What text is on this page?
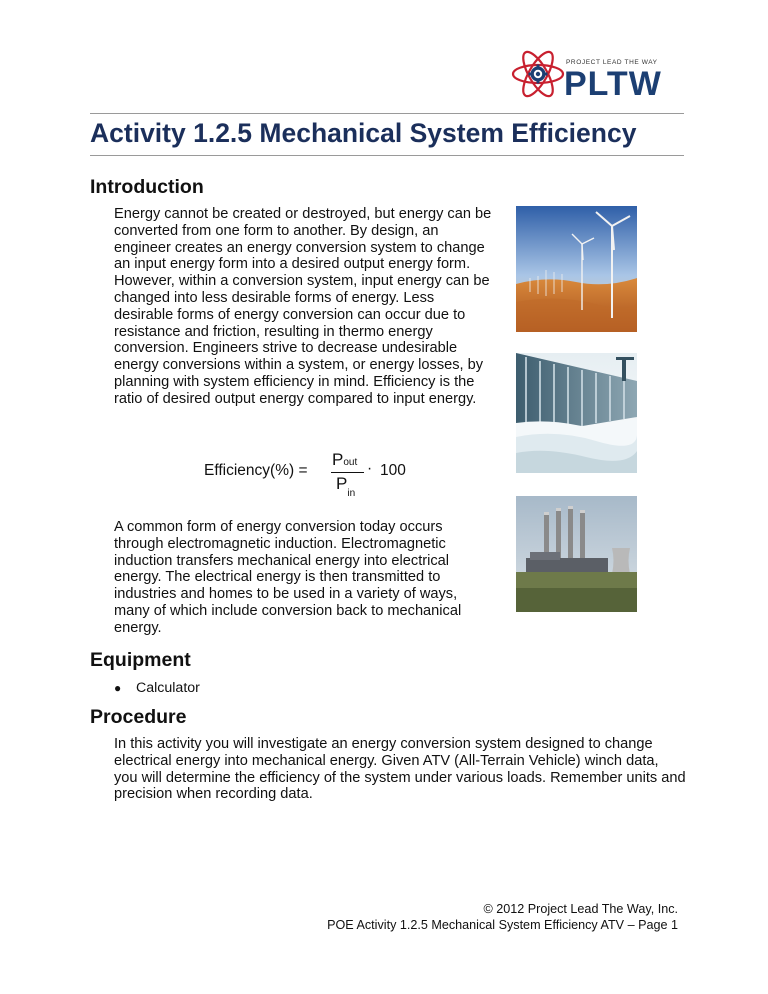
PROJECT LEAD THE WAY
PLTW
Activity 1.2.5 Mechanical System Efficiency
Introduction

Energy cannot be created or destroyed, but energy can be converted from one form to another. By design, an engineer creates an energy conversion system to change an input energy form into a desired output energy form. However, within a conversion system, input energy can be changed into less desirable forms of energy. Less desirable forms of energy conversion can occur due to resistance and friction, resulting in thermo energy conversion. Engineers strive to decrease undesirable energy conversions within a system, or energy losses, by planning with system efficiency in mind. Efficiency is the ratio of desired output energy compared to input energy.

Efficiency(%) =
Pout
$P_{in}$
· 100

A common form of energy conversion today occurs through electromagnetic induction. Electromagnetic induction transfers mechanical energy into electrical energy. The electrical energy is then transmitted to industries and homes to be used in a variety of ways, many of which include conversion back to mechanical energy.

Equipment
● Calculator
Procedure

In this activity you will investigate an energy conversion system designed to change electrical energy into mechanical energy. Given ATV (All-Terrain Vehicle) winch data, you will determine the efficiency of the system under various loads. Remember units and precision when recording data.

© 2012 Project Lead The Way, Inc.
POE Activity 1.2.5 Mechanical System Efficiency ATV – Page 1
